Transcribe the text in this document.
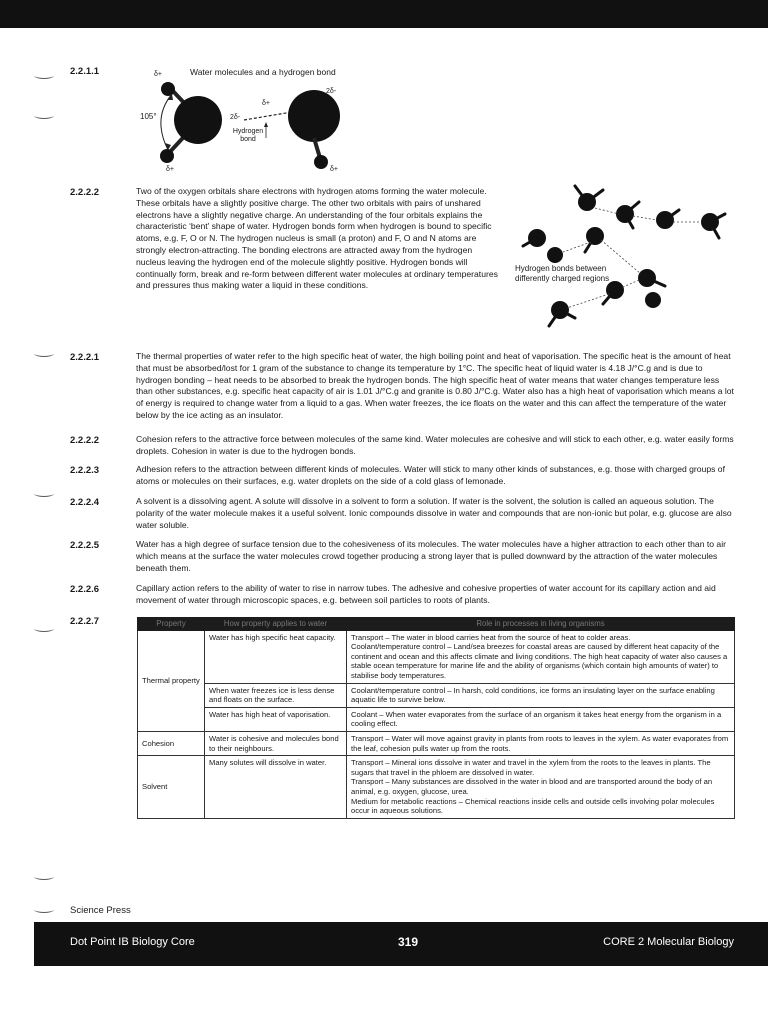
2.2.1.1	Water molecules and a hydrogen bond
δ+
105°	2δ-
δ+
2δ-
Hydrogen bond
δ+	δ+
2.2.2.2	Two of the oxygen orbitals share electrons with hydrogen atoms forming the water molecule.

These orbitals have a slightly positive charge. The other two orbitals with pairs of unshared electrons have a slightly negative charge. An understanding of the four orbitals explains the characteristic ‘bent’ shape of water. Hydrogen bonds form when hydrogen is bound to specific atoms, e.g. F, O or N. The hydrogen nucleus is small (a proton) and F, O and N atoms are strongly electron-attracting. The bonding electrons are attracted away from the hydrogen nucleus leaving the hydrogen end of the molecule slightly positive. Hydrogen bonds will continually form, break and re-form between different water molecules at ordinary temperatures and pressures thus making water a liquid in these conditions.

Hydrogen bonds between differently charged regions
2.2.2.1	The thermal properties of water refer to the high specific heat of water, the high boiling point and heat of vaporisation. The specific heat is the amount of heat that must be absorbed/lost for 1 gram of the substance to change its temperature by 1°C. The specific heat of liquid water is 4.18 J/°C.g and is due to hydrogen bonding – heat needs to be absorbed to break the hydrogen bonds. The high specific heat of water means that water changes temperature less than other substances, e.g. specific heat capacity of air is 1.01 J/°C.g and granite is 0.80 J/°C.g. Water also has a high heat of vaporisation which means a lot of energy is required to change water from a liquid to a gas. When water freezes, the ice floats on the water and this can affect the temperature of the water below by the ice acting as an insulator.
2.2.2.2	Cohesion refers to the attractive force between molecules of the same kind. Water molecules are cohesive and will stick to each other, e.g. water easily forms droplets. Cohesion in water is due to the hydrogen bonds.
2.2.2.3	Adhesion refers to the attraction between different kinds of molecules. Water will stick to many other kinds of substances, e.g. those with charged groups of atoms or molecules on their surfaces, e.g. water droplets on the side of a cold glass of lemonade.
2.2.2.4	A solvent is a dissolving agent. A solute will dissolve in a solvent to form a solution. If water is the solvent, the solution is called an aqueous solution. The polarity of the water molecule makes it a useful solvent. Ionic compounds dissolve in water and compounds that are non-ionic but polar, e.g. glucose are also water soluble.
2.2.2.5	Water has a high degree of surface tension due to the cohesiveness of its molecules. The water molecules have a higher attraction to each other than to air which means at the surface the water molecules crowd together producing a strong layer that is pulled downward by the attraction of the water molecules beneath them.
2.2.2.6	Capillary action refers to the ability of water to rise in narrow tubes. The adhesive and cohesive properties of water account for its capillary action and aid movement of water through microscopic spaces, e.g. between soil particles to roots of plants.
2.2.2.7	Property	How property applies to water	Role in processes in living organisms
Thermal property	Water has high specific heat capacity.	Transport – The water in blood carries heat from the source of heat to colder areas.
Coolant/temperature control – Land/sea breezes for coastal areas are caused by different heat capacity of the continent and ocean and this affects climate and living conditions. The high heat capacity of water also causes a stable ocean temperature for marine life and the ability of organisms (which contain high amounts of water) to stabilise body temperatures.
	When water freezes ice is less dense and floats on the surface.	Coolant/temperature control – In harsh, cold conditions, ice forms an insulating layer on the surface enabling aquatic life to survive below.
	Water has high heat of vaporisation.	Coolant – When water evaporates from the surface of an organism it takes heat energy from the organism in a cooling effect.
Cohesion	Water is cohesive and molecules bond to their neighbours.	Transport – Water will move against gravity in plants from roots to leaves in the xylem. As water evaporates from the leaf, cohesion pulls water up from the roots.
Solvent	Many solutes will dissolve in water.	Transport – Mineral ions dissolve in water and travel in the xylem from the roots to the leaves in plants. The sugars that travel in the phloem are dissolved in water.
Transport – Many substances are dissolved in the water in blood and are transported around the body of an animal, e.g. oxygen, glucose, urea.
Medium for metabolic reactions – Chemical reactions inside cells and outside cells involving polar molecules occur in aqueous solutions.
Science Press
Dot Point IB Biology Core	319	CORE 2 Molecular Biology
